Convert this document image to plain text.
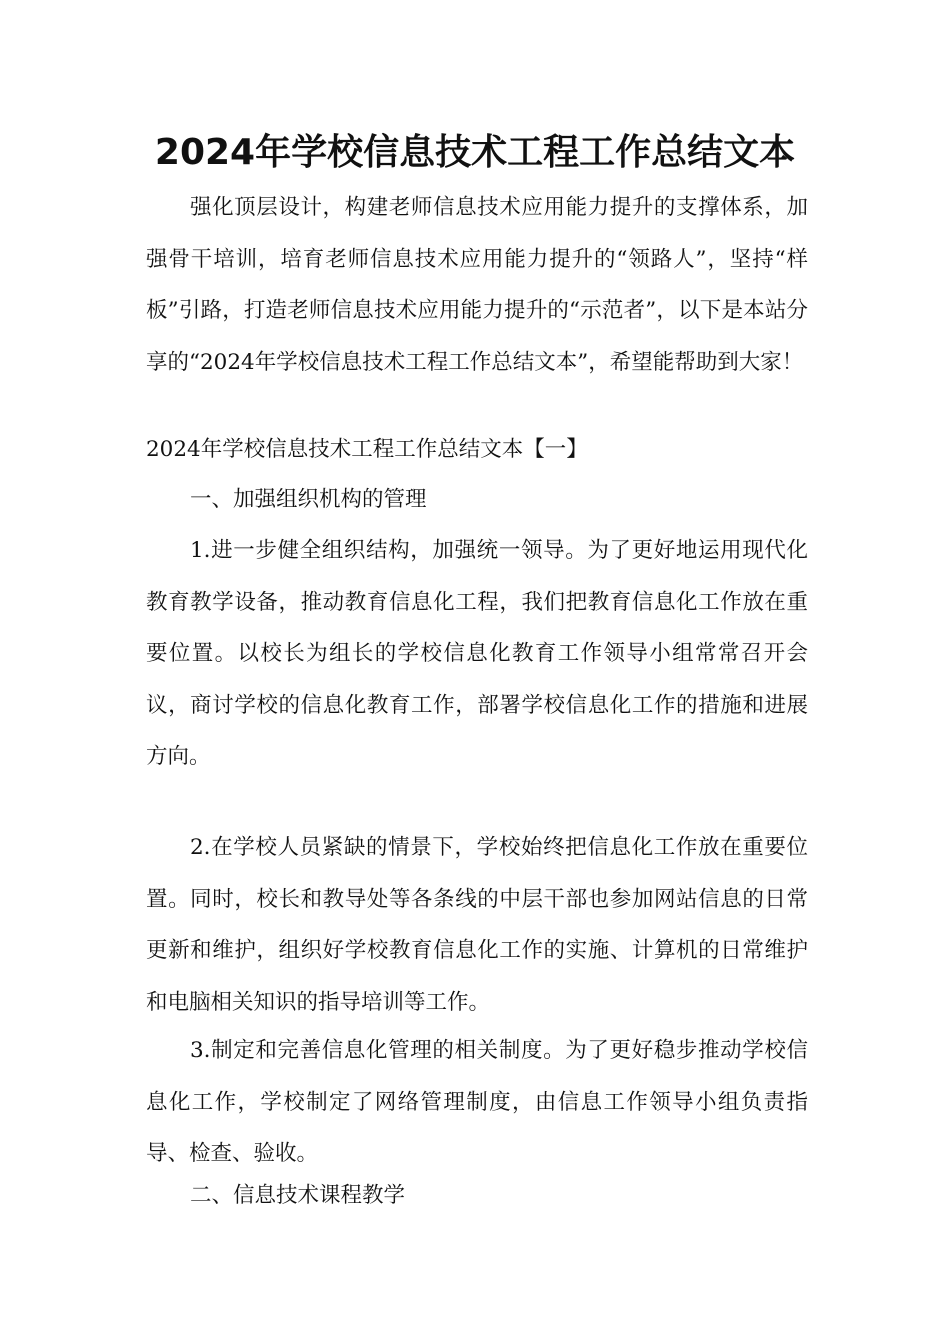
2024年学校信息技术工程工作总结文本

强化顶层设计，构建老师信息技术应用能力提升的支撑体系，加强骨干培训，培育老师信息技术应用能力提升的“领路人”，坚持“样板”引路，打造老师信息技术应用能力提升的“示范者”，以下是本站分享的“2024年学校信息技术工程工作总结文本”，希望能帮助到大家！

2024年学校信息技术工程工作总结文本【一】

一、加强组织机构的管理

1.进一步健全组织结构，加强统一领导。为了更好地运用现代化教育教学设备，推动教育信息化工程，我们把教育信息化工作放在重要位置。以校长为组长的学校信息化教育工作领导小组常常召开会议，商讨学校的信息化教育工作，部署学校信息化工作的措施和进展方向。

2.在学校人员紧缺的情景下，学校始终把信息化工作放在重要位置。同时，校长和教导处等各条线的中层干部也参加网站信息的日常更新和维护，组织好学校教育信息化工作的实施、计算机的日常维护和电脑相关知识的指导培训等工作。

3.制定和完善信息化管理的相关制度。为了更好稳步推动学校信息化工作，学校制定了网络管理制度，由信息工作领导小组负责指导、检查、验收。

二、信息技术课程教学
